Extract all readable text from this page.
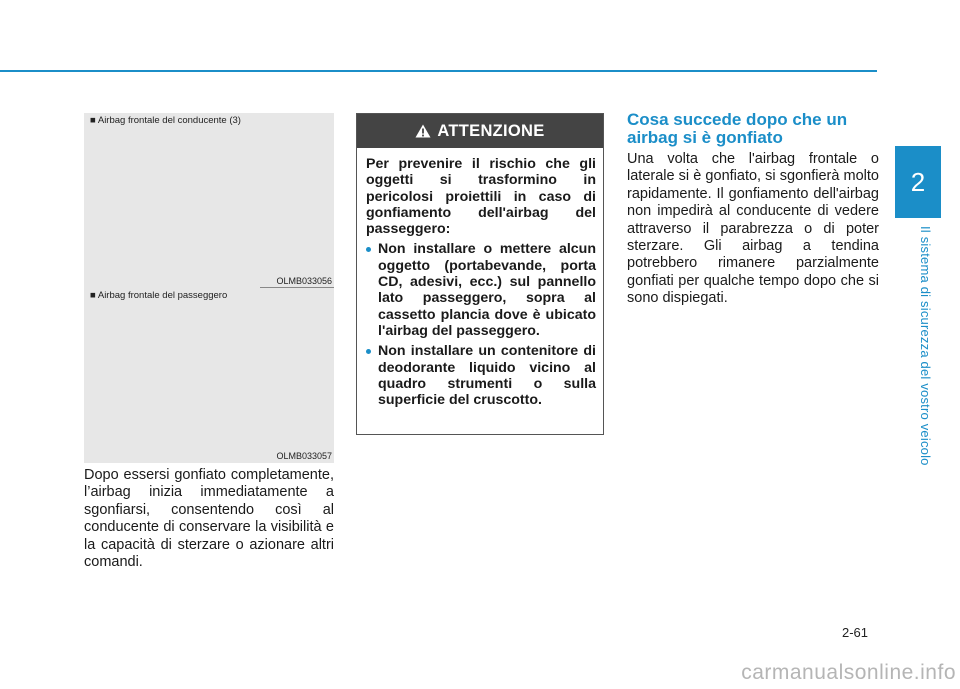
2
Il sistema di sicurezza del vostro veicolo
■ Airbag frontale del conducente (3)
OLMB033056
■ Airbag frontale del passeggero
OLMB033057

Dopo essersi gonfiato completamente, l’airbag inizia immediatamente a sgonfiarsi, consentendo così al conducente di conservare la visibilità e la capacità di sterzare o azionare altri comandi.

ATTENZIONE

Per prevenire il rischio che gli oggetti si trasformino in pericolosi proiettili in caso di gonfiamento dell'airbag del passeggero:

Non installare o mettere alcun oggetto (portabevande, porta CD, adesivi, ecc.) sul pannello lato passeggero, sopra al cassetto plancia dove è ubicato l'airbag del passeggero.
Non installare un contenitore di deodorante liquido vicino al quadro strumenti o sulla superficie del cruscotto.
Cosa succede dopo che un airbag si è gonfiato

Una volta che l'airbag frontale o laterale si è gonfiato, si sgonfierà molto rapidamente. Il gonfiamento dell'airbag non impedirà al conducente di vedere attraverso il parabrezza o di poter sterzare. Gli airbag a tendina potrebbero rimanere parzialmente gonfiati per qualche tempo dopo che si sono dispiegati.

2-61
carmanualsonline.info
